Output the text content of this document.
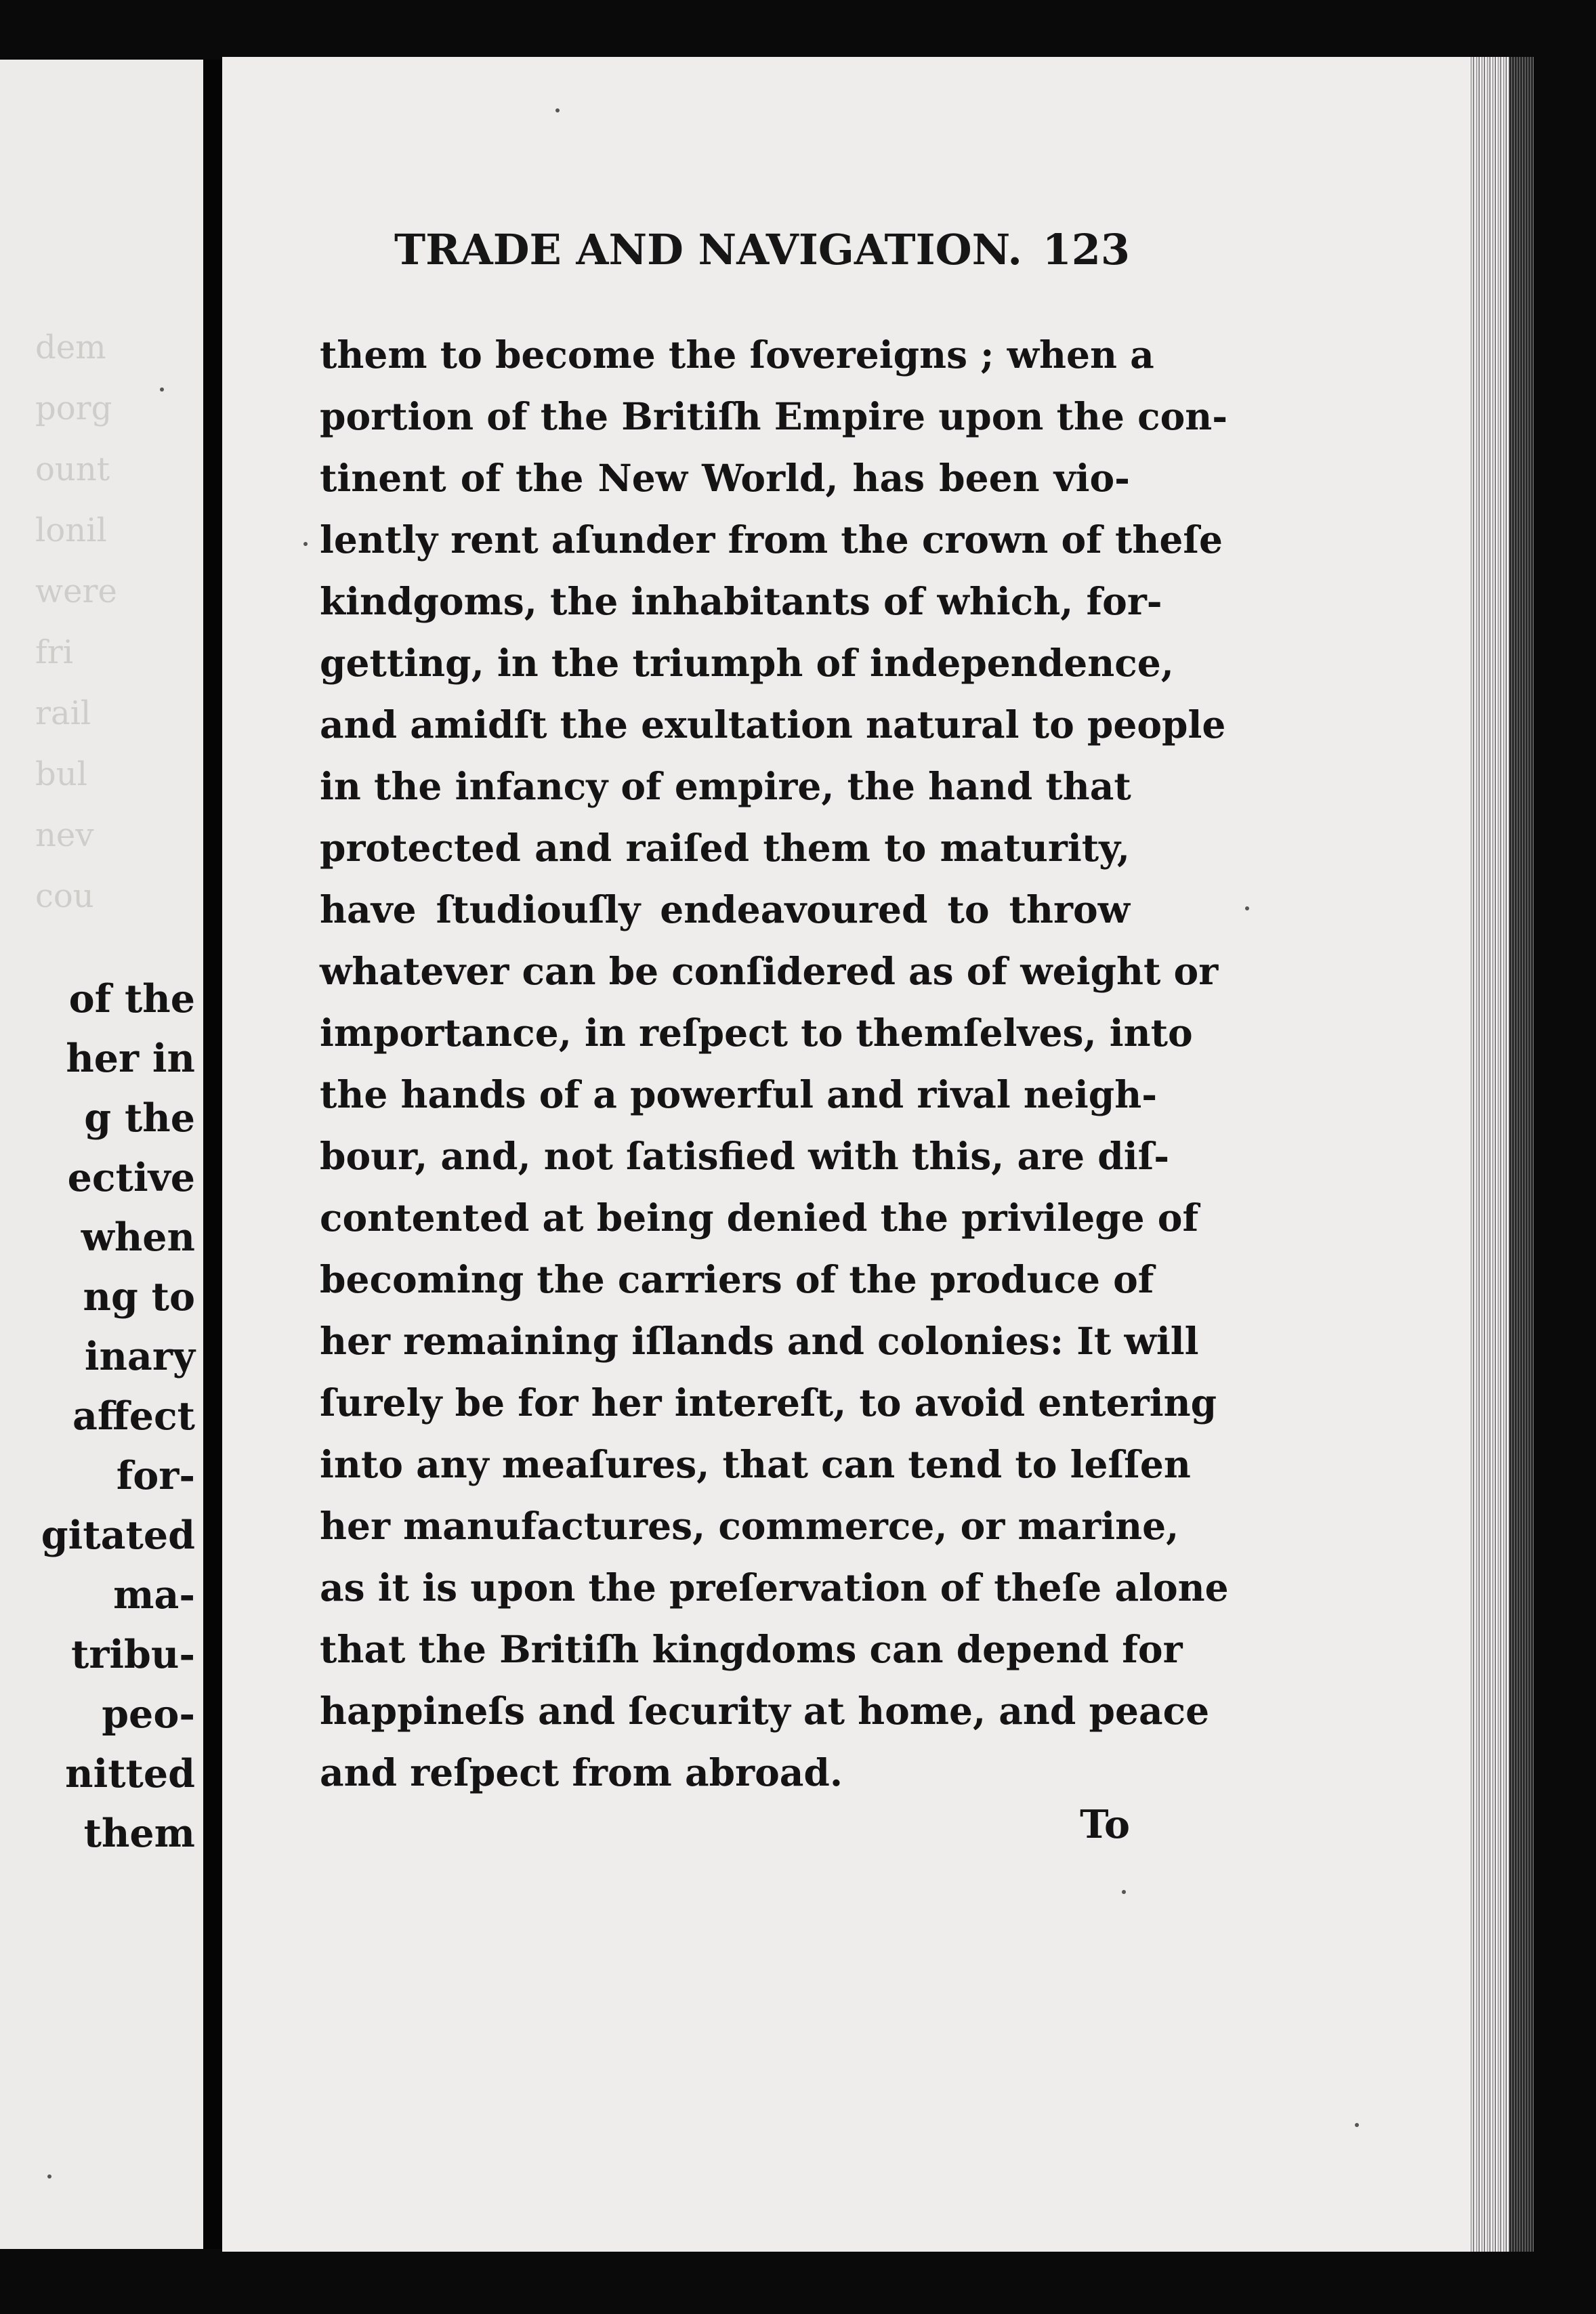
dem
porg
ount
lonil
were
fri
rail
bul
nev
cou
of the
her in
g the
ective
when
ng to
inary
affect
for-
gitated
ma-
tribu-
peo-
nitted
them
TRADE AND NAVIGATION. 123
them to become the ſovereigns ; when a
portion of the Britiſh Empire upon the con-
tinent of the New World, has been vio-
lently rent aſunder from the crown of theſe
kindgoms, the inhabitants of which, for-
getting, in the triumph of independence,
and amidſt the exultation natural to people
in the infancy of empire, the hand that
protected and raiſed them to maturity,
have ſtudiouſly endeavoured to throw
whatever can be conſidered as of weight or
importance, in reſpect to themſelves, into
the hands of a powerful and rival neigh-
bour, and, not ſatisfied with this, are diſ-
contented at being denied the privilege of
becoming the carriers of the produce of
her remaining iſlands and colonies: It will
ſurely be for her intereſt, to avoid entering
into any meaſures, that can tend to leſſen
her manufactures, commerce, or marine,
as it is upon the preſervation of theſe alone
that the Britiſh kingdoms can depend for
happineſs and ſecurity at home, and peace
and reſpect from abroad.
To
